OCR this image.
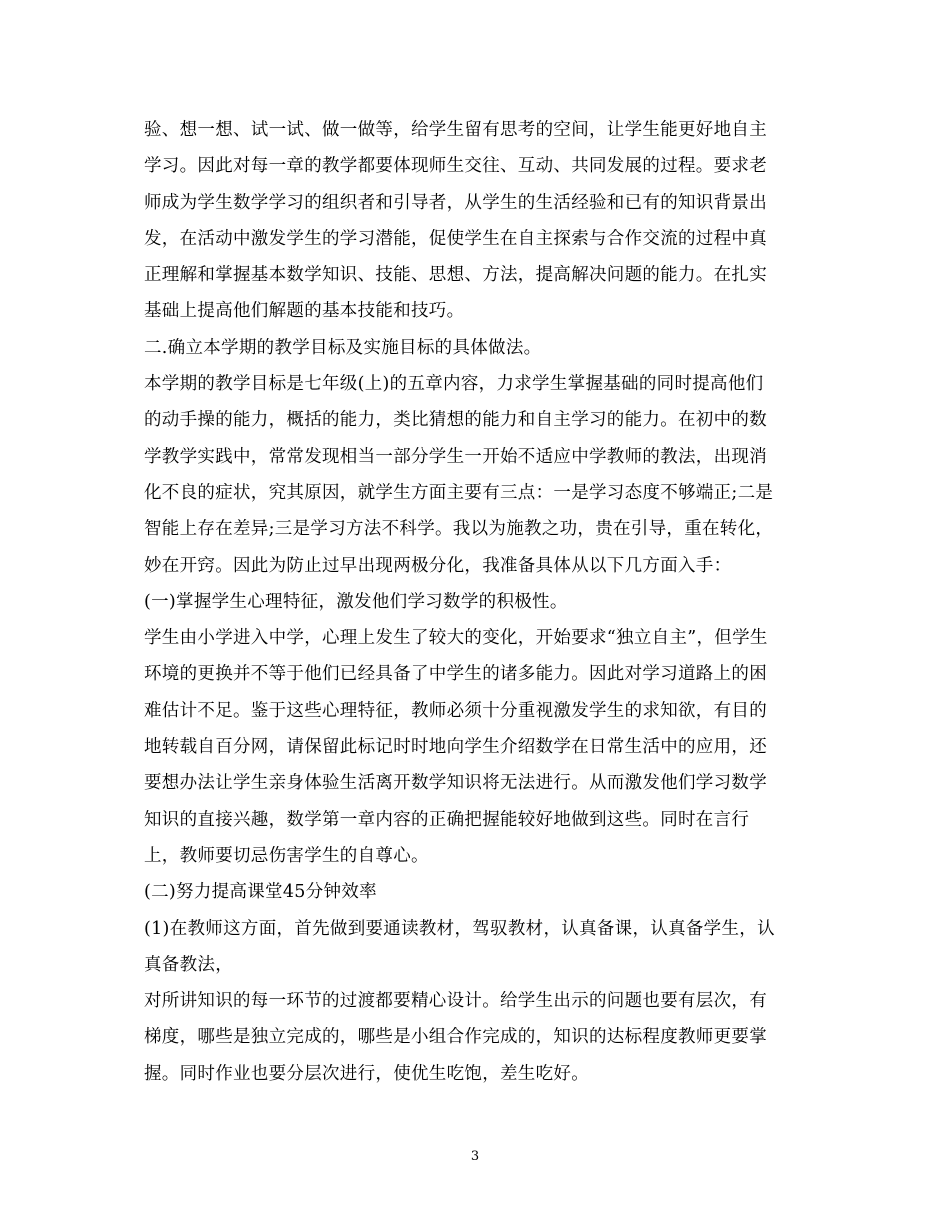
验、想一想、试一试、做一做等，给学生留有思考的空间，让学生能更好地自主
学习。因此对每一章的教学都要体现师生交往、互动、共同发展的过程。要求老
师成为学生数学学习的组织者和引导者，从学生的生活经验和已有的知识背景出
发，在活动中激发学生的学习潜能，促使学生在自主探索与合作交流的过程中真
正理解和掌握基本数学知识、技能、思想、方法，提高解决问题的能力。在扎实
基础上提高他们解题的基本技能和技巧。
二.确立本学期的教学目标及实施目标的具体做法。
本学期的教学目标是七年级(上)的五章内容，力求学生掌握基础的同时提高他们
的动手操的能力，概括的能力，类比猜想的能力和自主学习的能力。在初中的数
学教学实践中，常常发现相当一部分学生一开始不适应中学教师的教法，出现消
化不良的症状，究其原因，就学生方面主要有三点：一是学习态度不够端正;二是
智能上存在差异;三是学习方法不科学。我以为施教之功，贵在引导，重在转化，
妙在开窍。因此为防止过早出现两极分化，我准备具体从以下几方面入手：
(一)掌握学生心理特征，激发他们学习数学的积极性。
学生由小学进入中学，心理上发生了较大的变化，开始要求“独立自主”，但学生
环境的更换并不等于他们已经具备了中学生的诸多能力。因此对学习道路上的困
难估计不足。鉴于这些心理特征，教师必须十分重视激发学生的求知欲，有目的
地转载自百分网，请保留此标记时时地向学生介绍数学在日常生活中的应用，还
要想办法让学生亲身体验生活离开数学知识将无法进行。从而激发他们学习数学
知识的直接兴趣，数学第一章内容的正确把握能较好地做到这些。同时在言行
上，教师要切忌伤害学生的自尊心。
(二)努力提高课堂45分钟效率
(1)在教师这方面，首先做到要通读教材，驾驭教材，认真备课，认真备学生，认
真备教法，
对所讲知识的每一环节的过渡都要精心设计。给学生出示的问题也要有层次，有
梯度，哪些是独立完成的，哪些是小组合作完成的，知识的达标程度教师更要掌
握。同时作业也要分层次进行，使优生吃饱，差生吃好。
3
